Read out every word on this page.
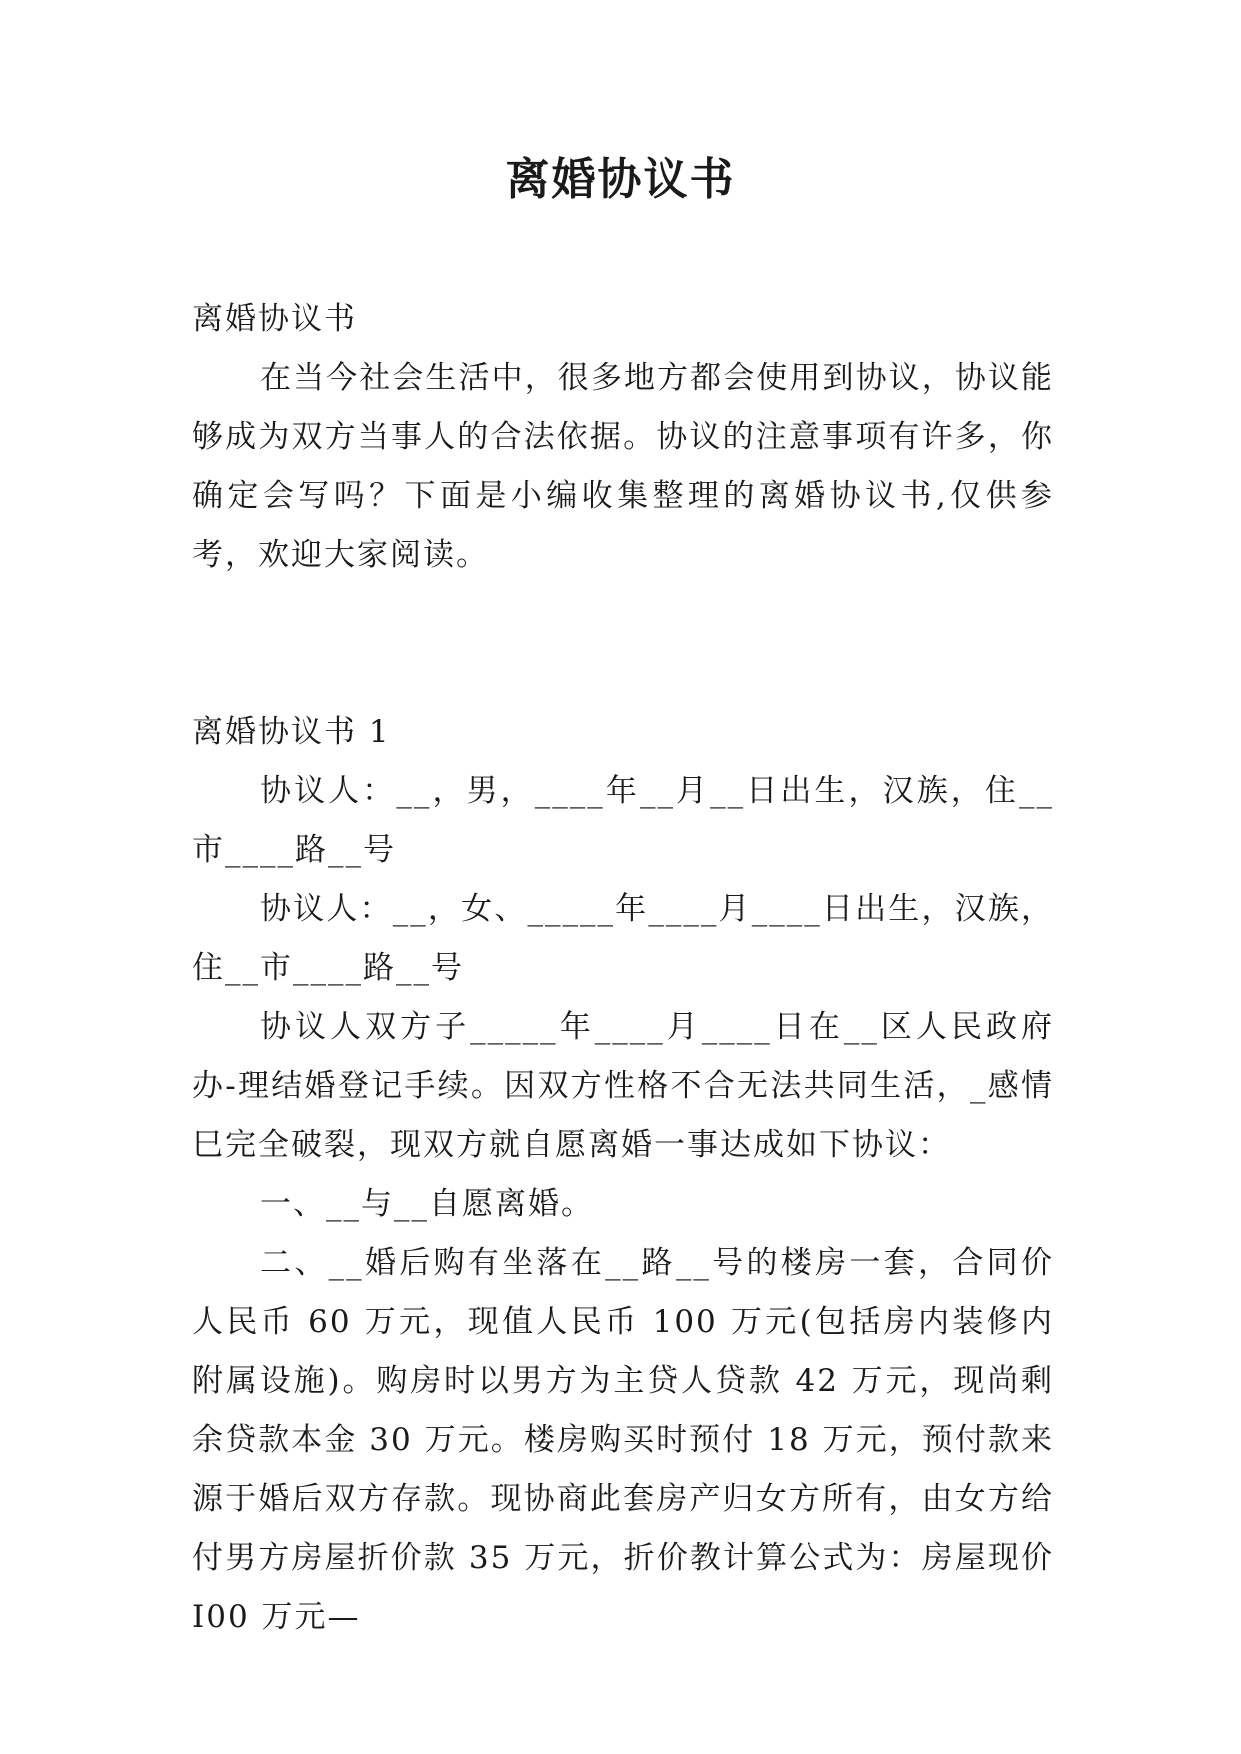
离婚协议书

离婚协议书

在当今社会生活中，很多地方都会使用到协议，协议能够成为双方当事人的合法依据。协议的注意事项有许多，你确定会写吗？下面是小编收集整理的离婚协议书,仅供参考，欢迎大家阅读。

离婚协议书 1

协议人：__，男，____年__月__日出生，汉族，住__市____路__号

协议人：__，女、_____年____月____日出生，汉族，住__市____路__号

协议人双方子_____年____月____日在__区人民政府办-理结婚登记手续。因双方性格不合无法共同生活，_感情巳完全破裂，现双方就自愿离婚一事达成如下协议：

一、__与__自愿离婚。

二、__婚后购有坐落在__路__号的楼房一套，合同价人民币 60 万元，现值人民币 100 万元(包括房内装修内附属设施)。购房时以男方为主贷人贷款 42 万元，现尚剩余贷款本金 30 万元。楼房购买时预付 18 万元，预付款来源于婚后双方存款。现协商此套房产归女方所有，由女方给付男方房屋折价款 35 万元，折价教计算公式为：房屋现价 I00 万元—
